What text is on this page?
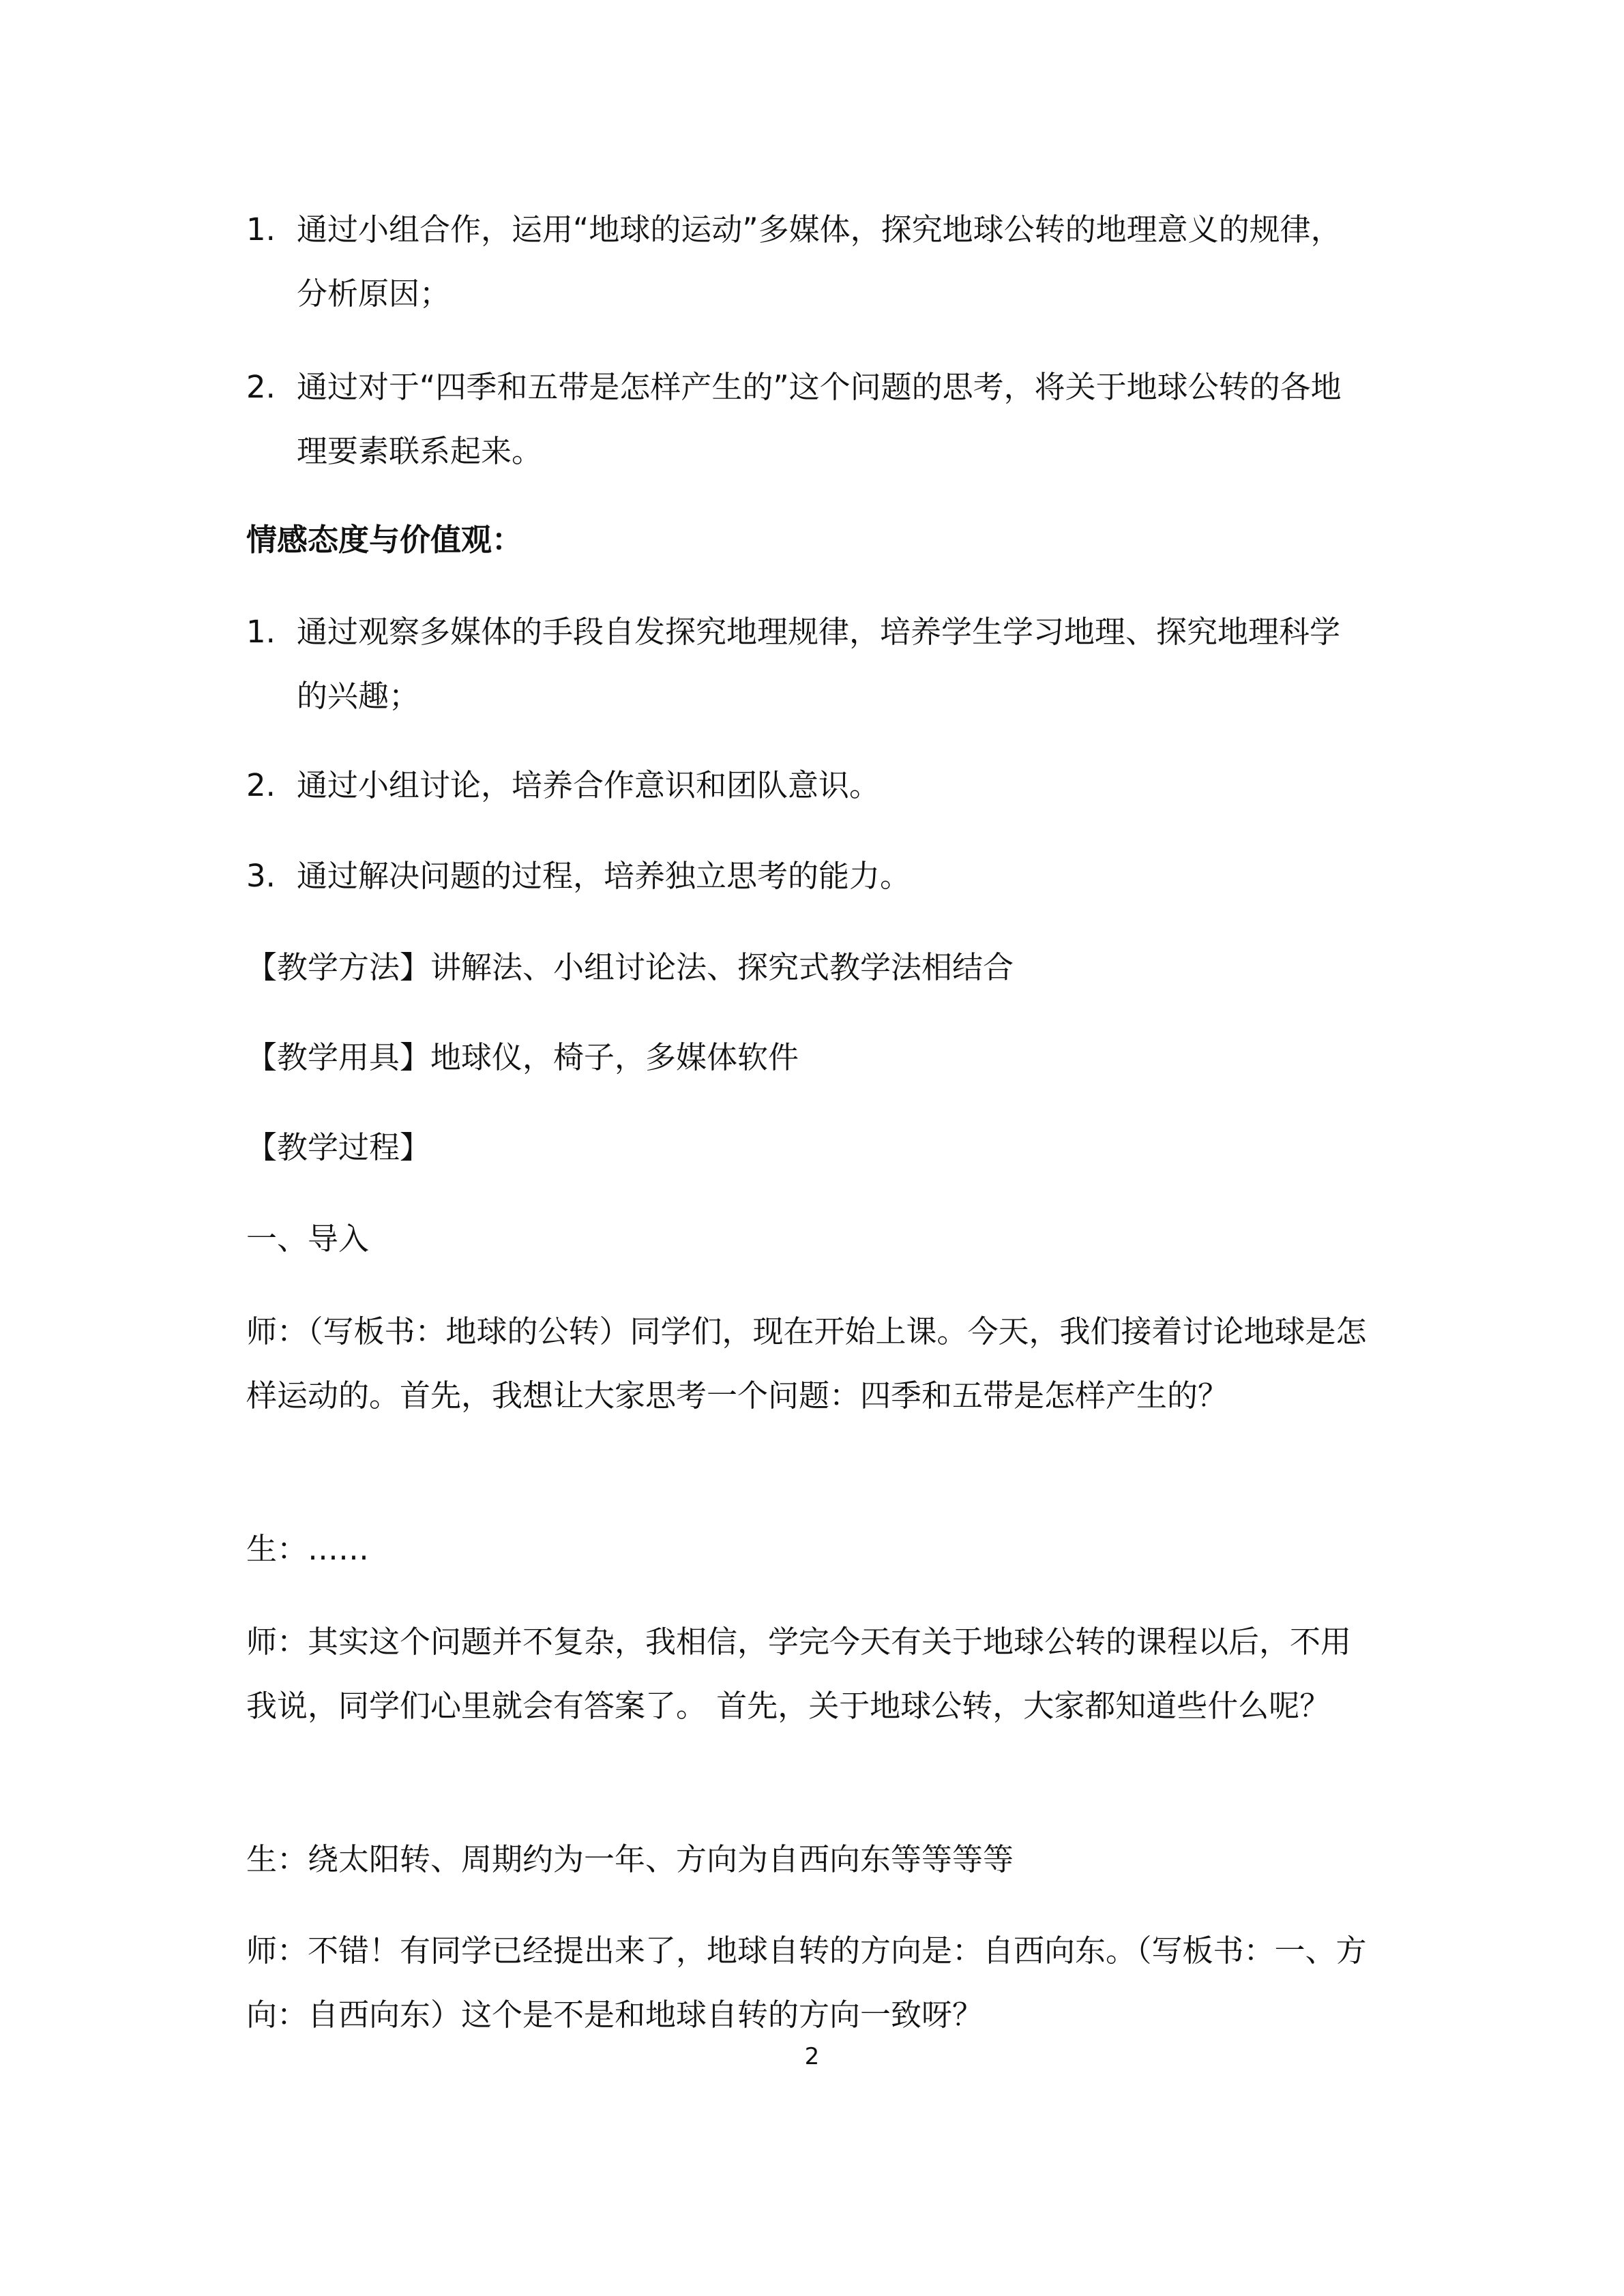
1. 通过小组合作，运用“地球的运动”多媒体，探究地球公转的地理意义的规律，分析原因；
2. 通过对于“四季和五带是怎样产生的”这个问题的思考，将关于地球公转的各地理要素联系起来。
情感态度与价值观：
1. 通过观察多媒体的手段自发探究地理规律，培养学生学习地理、探究地理科学的兴趣；
2. 通过小组讨论，培养合作意识和团队意识。
3. 通过解决问题的过程，培养独立思考的能力。
【教学方法】讲解法、小组讨论法、探究式教学法相结合
【教学用具】地球仪，椅子，多媒体软件
【教学过程】
一、导入
师：（写板书：地球的公转）同学们，现在开始上课。今天，我们接着讨论地球是怎样运动的。首先，我想让大家思考一个问题：四季和五带是怎样产生的？
生：……
师：其实这个问题并不复杂，我相信，学完今天有关于地球公转的课程以后，不用我说，同学们心里就会有答案了。 首先，关于地球公转，大家都知道些什么呢？
生：绕太阳转、周期约为一年、方向为自西向东等等等等
师：不错！有同学已经提出来了，地球自转的方向是：自西向东。（写板书：一、方向：自西向东）这个是不是和地球自转的方向一致呀？
2
